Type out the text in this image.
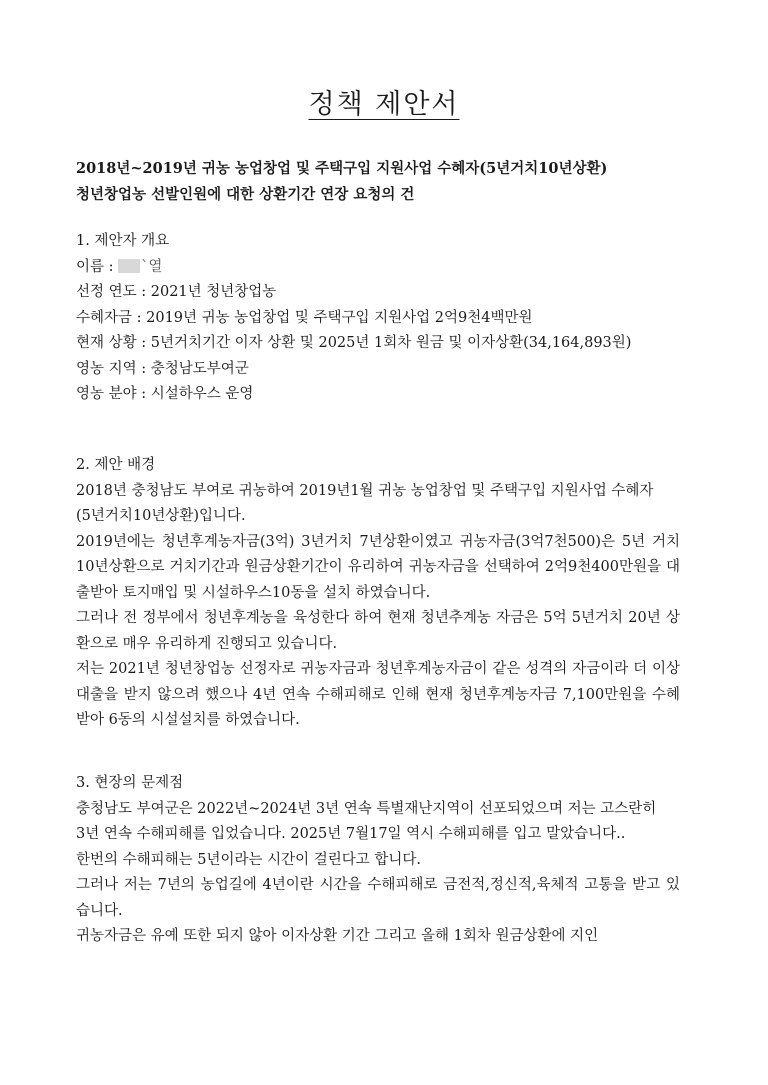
정책 제안서
2018년~2019년 귀농 농업창업 및 주택구입 지원사업 수혜자(5년거치10년상환)
청년창업농 선발인원에 대한 상환기간 연장 요청의 건
1. 제안자 개요
이름 : `열
선정 연도 : 2021년 청년창업농
수혜자금 : 2019년 귀농 농업창업 및 주택구입 지원사업 2억9천4백만원
현재 상황 : 5년거치기간 이자 상환 및 2025년 1회차 원금 및 이자상환(34,164,893원)
영농 지역 : 충청남도부여군
영농 분야 : 시설하우스 운영
2. 제안 배경
2018년 충청남도 부여로 귀농하여 2019년1월 귀농 농업창업 및 주택구입 지원사업 수혜자
(5년거치10년상환)입니다.
2019년에는 청년후계농자금(3억) 3년거치 7년상환이였고 귀농자금(3억7천500)은 5년 거치 10년상환으로 거치기간과 원금상환기간이 유리하여 귀농자금을 선택하여 2억9천400만원을 대출받아 토지매입 및 시설하우스10동을 설치 하였습니다.
그러나 전 정부에서 청년후계농을 육성한다 하여 현재 청년추계농 자금은 5억 5년거치 20년 상환으로 매우 유리하게 진행되고 있습니다.
저는 2021년 청년창업농 선정자로 귀농자금과 청년후계농자금이 같은 성격의 자금이라 더 이상 대출을 받지 않으려 했으나 4년 연속 수해피해로 인해 현재 청년후계농자금 7,100만원을 수혜받아 6동의 시설설치를 하였습니다.
3. 현장의 문제점
충청남도 부여군은 2022년~2024년 3년 연속 특별재난지역이 선포되었으며 저는 고스란히
3년 연속 수해피해를 입었습니다. 2025년 7월17일 역시 수해피해를 입고 말았습니다..
한번의 수해피해는 5년이라는 시간이 걸린다고 합니다.
그러나 저는 7년의 농업길에 4년이란 시간을 수해피해로 금전적,정신적,육체적 고통을 받고 있습니다.
귀농자금은 유예 또한 되지 않아 이자상환 기간 그리고 올해 1회차 원금상환에 지인
